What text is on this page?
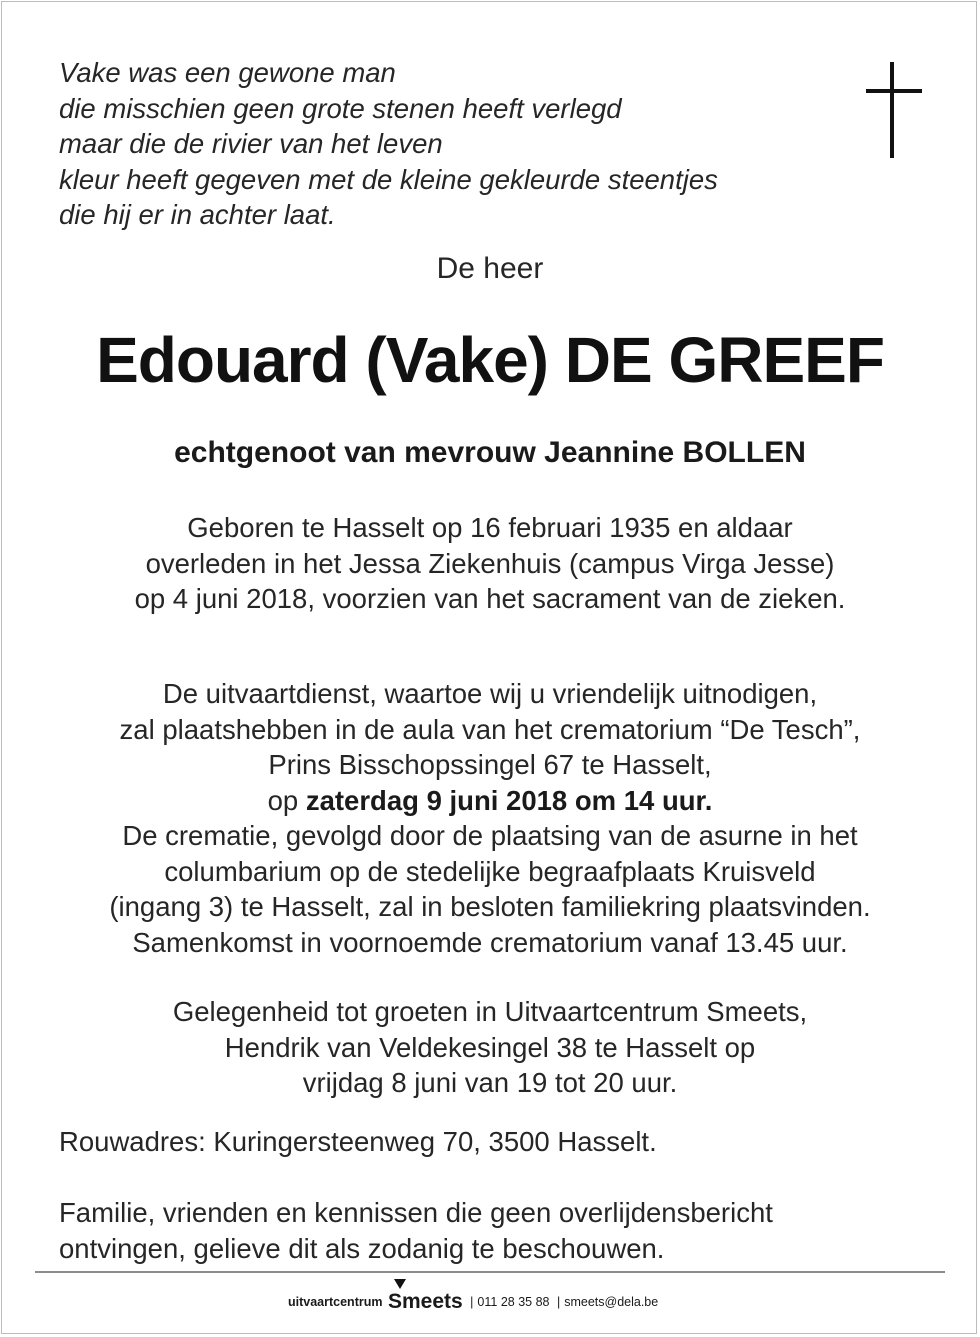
Vake was een gewone man
die misschien geen grote stenen heeft verlegd
maar die de rivier van het leven
kleur heeft gegeven met de kleine gekleurde steentjes
die hij er in achter laat.
De heer
Edouard (Vake) DE GREEF
echtgenoot van mevrouw Jeannine BOLLEN
Geboren te Hasselt op 16 februari 1935 en aldaar
overleden in het Jessa Ziekenhuis (campus Virga Jesse)
op 4 juni 2018, voorzien van het sacrament van de zieken.
De uitvaartdienst, waartoe wij u vriendelijk uitnodigen,
zal plaatshebben in de aula van het crematorium “De Tesch”,
Prins Bisschopssingel 67 te Hasselt,
op zaterdag 9 juni 2018 om 14 uur.
De crematie, gevolgd door de plaatsing van de asurne in het
columbarium op de stedelijke begraafplaats Kruisveld
(ingang 3) te Hasselt, zal in besloten familiekring plaatsvinden.
Samenkomst in voornoemde crematorium vanaf 13.45 uur.
Gelegenheid tot groeten in Uitvaartcentrum Smeets,
Hendrik van Veldekesingel 38 te Hasselt op
vrijdag 8 juni van 19 tot 20 uur.
Rouwadres: Kuringersteenweg 70, 3500 Hasselt.
Familie, vrienden en kennissen die geen overlijdensbericht
ontvingen, gelieve dit als zodanig te beschouwen.
uitvaartcentrum Smeets | 011 28 35 88 | smeets@dela.be
